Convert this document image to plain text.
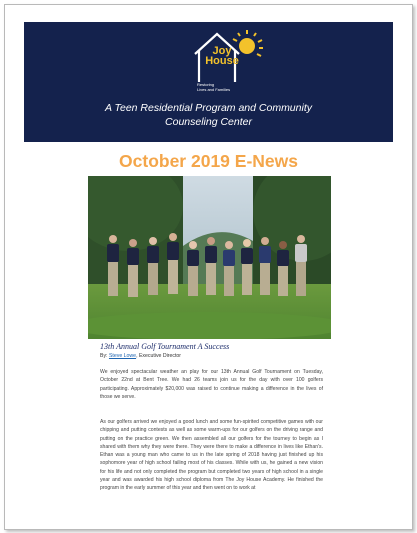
Joy
House
Restoring
Lives and Families
A Teen Residential Program and Community
Counseling Center
October 2019 E-News
13th Annual Golf Tournament A Success
By: Steve Lowe, Executive Director
We enjoyed spectacular weather an play for our 13th Annual Golf Tournament on Tuesday, October 22nd at Bent Tree. We had 26 teams join us for the day with over 100 golfers participating. Approximately $20,000 was raised to continue making a difference in the lives of those we serve.
As our golfers arrived we enjoyed a good lunch and some fun-spirited competitive games with our chipping and putting contests as well as some warm-ups for our golfers on the driving range and putting on the practice green. We then assembled all our golfers for the tourney to begin as I shared with them why they were there. They were there to make a difference in lives like Ethan's. Ethan was a young man who came to us in the late spring of 2018 having just finished up his sophomore year of high school failing most of his classes. While with us, he gained a new vision for his life and not only completed the program but completed two years of high school in a single year and was awarded his high school diploma from The Joy House Academy. He finished the program in the early summer of this year and then went on to work at
